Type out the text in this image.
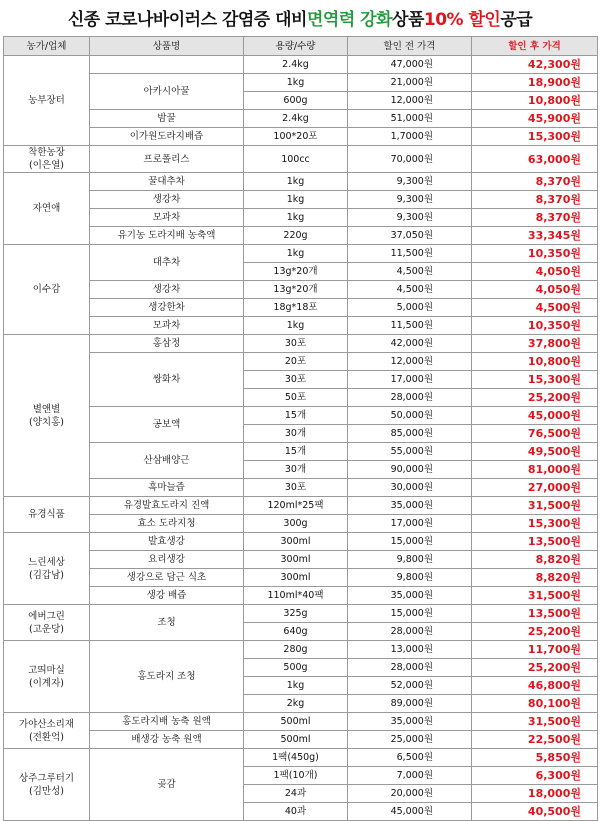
신종 코로나바이러스 감염증 대비 면역력 강화 상품 10% 할인 공급
농가/업체	상품명	용량/수량	할인 전 가격	할인 후 가격
농부장터		2.4kg	47,000원	42,300원
	아카시아꿀	1kg	21,000원	18,900원
		600g	12,000원	10,800원
	밤꿀	2.4kg	51,000원	45,900원
	이가원도라지배즙	100*20포	1,7000원	15,300원
착한농장
(이은열)	프로폴리스	100cc	70,000원	63,000원
자연애	꿀대추차	1kg	9,300원	8,370원
	생강차	1kg	9,300원	8,370원
	모과차	1kg	9,300원	8,370원
	유기농 도라지배 농축액	220g	37,050원	33,345원
이수감	대추차	1kg	11,500원	10,350원
		13g*20개	4,500원	4,050원
	생강차	13g*20개	4,500원	4,050원
	생강한차	18g*18포	5,000원	4,500원
	모과차	1kg	11,500원	10,350원
별앤별
(양치홍)	홍삼정	30포	42,000원	37,800원
	쌍화차	20포	12,000원	10,800원
		30포	17,000원	15,300원
		50포	28,000원	25,200원
	공보액	15개	50,000원	45,000원
		30개	85,000원	76,500원
	산삼배양근	15개	55,000원	49,500원
		30개	90,000원	81,000원
	흑마늘즙	30포	30,000원	27,000원
유경식품	유경발효도라지 진액	120ml*25팩	35,000원	31,500원
	효소 도라지청	300g	17,000원	15,300원
느린세상
(김갑남)	발효생강	300ml	15,000원	13,500원
	요리생강	300ml	9,800원	8,820원
	생강으로 담근 식초	300ml	9,800원	8,820원
	생강 배즙	110ml*40팩	35,000원	31,500원
에버그린
(고운당)	조청	325g	15,000원	13,500원
		640g	28,000원	25,200원
고띄마실
(이계자)	홍도라지 조청	280g	13,000원	11,700원
		500g	28,000원	25,200원
		1kg	52,000원	46,800원
		2kg	89,000원	80,100원
가야산소리재
(전환억)	홍도라지배 농축 원액	500ml	35,000원	31,500원
	배생강 농축 원액	500ml	25,000원	22,500원
상주그루터기
(김만성)	곶감	1팩(450g)	6,500원	5,850원
		1팩(10개)	7,000원	6,300원
		24과	20,000원	18,000원
		40과	45,000원	40,500원
